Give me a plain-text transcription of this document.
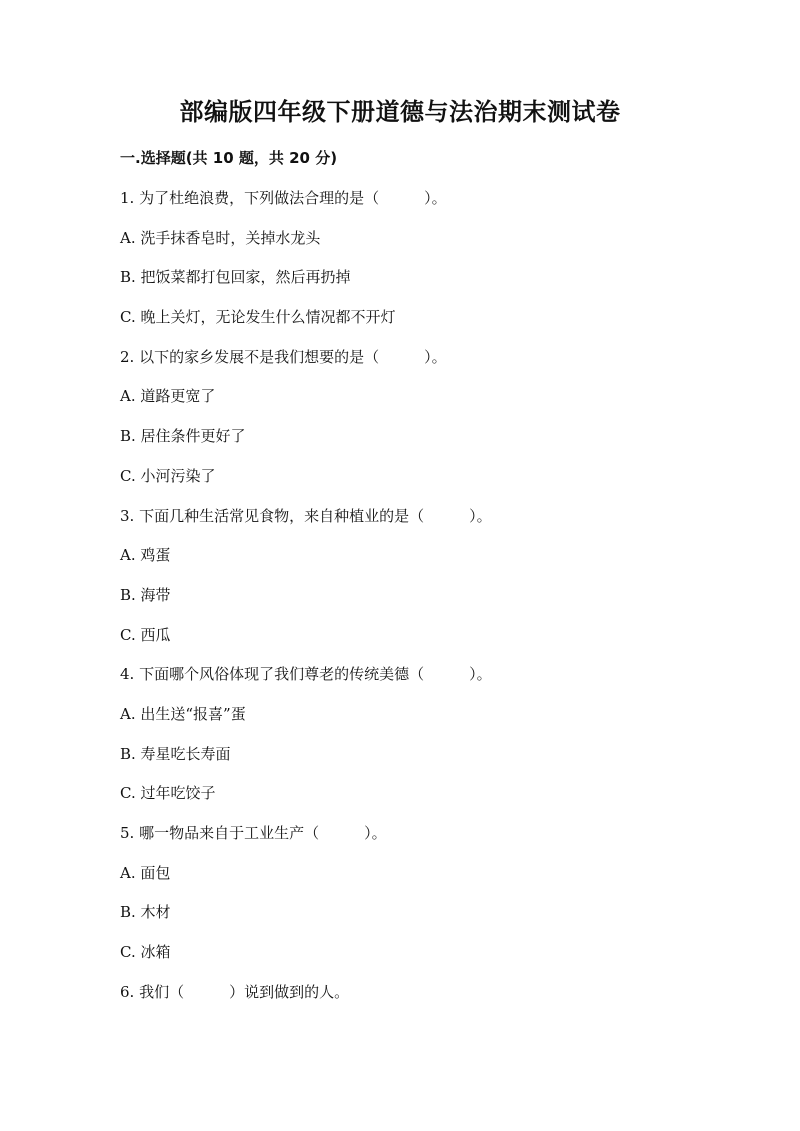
部编版四年级下册道德与法治期末测试卷
一.选择题(共 10 题，共 20 分)
1. 为了杜绝浪费，下列做法合理的是（　　　）。
A. 洗手抹香皂时，关掉水龙头
B. 把饭菜都打包回家，然后再扔掉
C. 晚上关灯，无论发生什么情况都不开灯
2. 以下的家乡发展不是我们想要的是（　　　）。
A. 道路更宽了
B. 居住条件更好了
C. 小河污染了
3. 下面几种生活常见食物，来自种植业的是（　　　）。
A. 鸡蛋
B. 海带
C. 西瓜
4. 下面哪个风俗体现了我们尊老的传统美德（　　　）。
A. 出生送“报喜”蛋
B. 寿星吃长寿面
C. 过年吃饺子
5. 哪一物品来自于工业生产（　　　）。
A. 面包
B. 木材
C. 冰箱
6. 我们（　　　）说到做到的人。
